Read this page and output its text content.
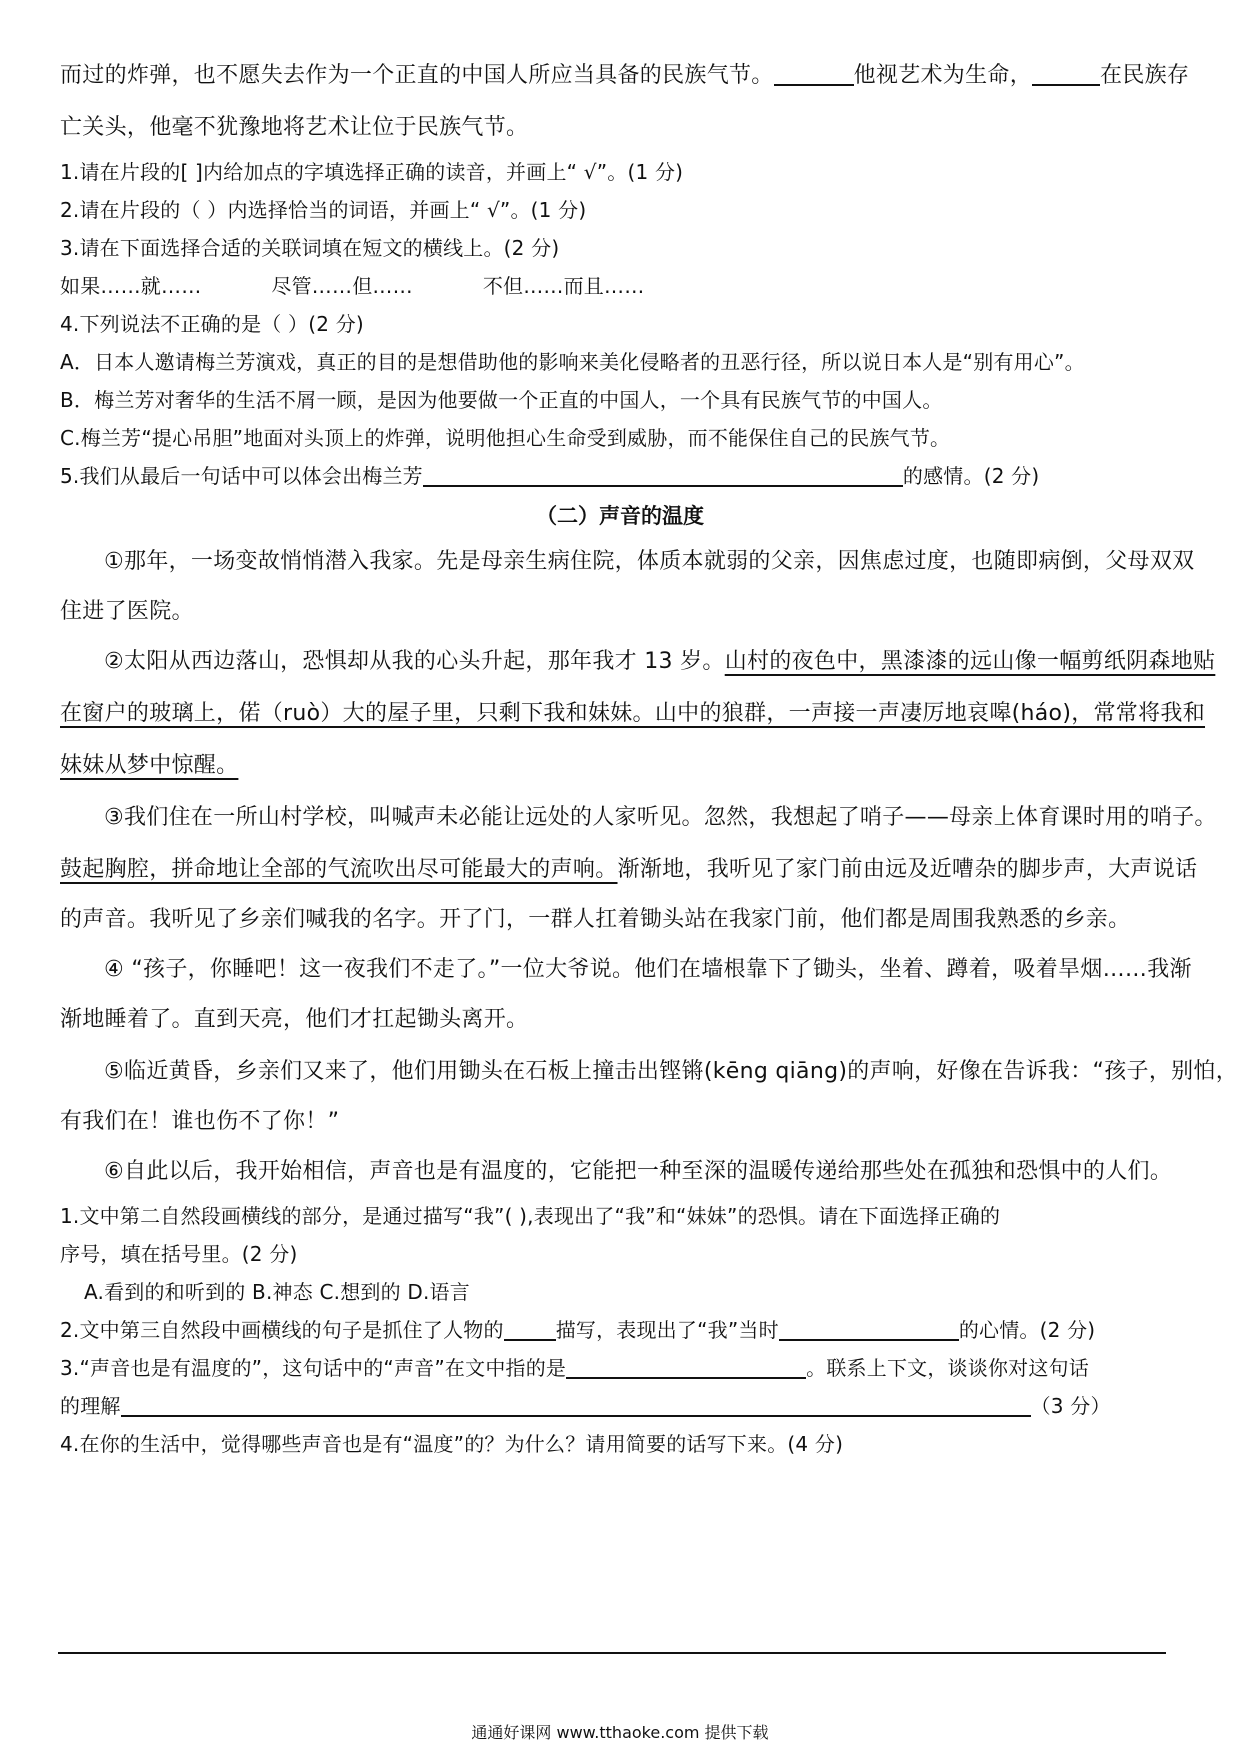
而过的炸弹，也不愿失去作为一个正直的中国人所应当具备的民族气节。	他视艺术为生命，	在民族存
亡关头，他毫不犹豫地将艺术让位于民族气节。
1.请在片段的[ ]内给加点的字填选择正确的读音，并画上“ √”。(1 分)
2.请在片段的（ ）内选择恰当的词语，并画上“ √”。(1 分)
3.请在下面选择合适的关联词填在短文的横线上。(2 分)
如果……就……	尽管……但……	不但……而且……
4.下列说法不正确的是（ ）(2 分)
A．日本人邀请梅兰芳演戏，真正的目的是想借助他的影响来美化侵略者的丑恶行径，所以说日本人是“别有用心”。
B．梅兰芳对奢华的生活不屑一顾，是因为他要做一个正直的中国人，一个具有民族气节的中国人。
C.梅兰芳“提心吊胆”地面对头顶上的炸弹，说明他担心生命受到威胁，而不能保住自己的民族气节。
5.我们从最后一句话中可以体会出梅兰芳	的感情。(2 分)
（二）声音的温度
①那年，一场变故悄悄潜入我家。先是母亲生病住院，体质本就弱的父亲，因焦虑过度，也随即病倒，父母双双
住进了医院。
②太阳从西边落山，恐惧却从我的心头升起，那年我才 13 岁。山村的夜色中，黑漆漆的远山像一幅剪纸阴森地贴
在窗户的玻璃上，偌（ruò）大的屋子里，只剩下我和妹妹。山中的狼群，一声接一声凄厉地哀嗥(háo)，常常将我和
妹妹从梦中惊醒。
③我们住在一所山村学校，叫喊声未必能让远处的人家听见。忽然，我想起了哨子——母亲上体育课时用的哨子。
鼓起胸腔，拼命地让全部的气流吹出尽可能最大的声响。渐渐地，我听见了家门前由远及近嘈杂的脚步声，大声说话
的声音。我听见了乡亲们喊我的名字。开了门，一群人扛着锄头站在我家门前，他们都是周围我熟悉的乡亲。
④ “孩子，你睡吧！这一夜我们不走了。”一位大爷说。他们在墙根靠下了锄头，坐着、蹲着，吸着旱烟……我渐
渐地睡着了。直到天亮，他们才扛起锄头离开。
⑤临近黄昏，乡亲们又来了，他们用锄头在石板上撞击出铿锵(kēng qiāng)的声响，好像在告诉我：“孩子，别怕，
有我们在！谁也伤不了你！”
⑥自此以后，我开始相信，声音也是有温度的，它能把一种至深的温暖传递给那些处在孤独和恐惧中的人们。
1.文中第二自然段画横线的部分，是通过描写“我”( ),表现出了“我”和“妹妹”的恐惧。请在下面选择正确的
序号，填在括号里。(2 分)
A.看到的和听到的 B.神态 C.想到的 D.语言
2.文中第三自然段中画横线的句子是抓住了人物的	描写，表现出了“我”当时	的心情。(2 分)
3.“声音也是有温度的”，这句话中的“声音”在文中指的是	。联系上下文，谈谈你对这句话
的理解	（3 分）
4.在你的生活中，觉得哪些声音也是有“温度”的？为什么？请用简要的话写下来。(4 分)
通通好课网 www.tthaoke.com 提供下载
